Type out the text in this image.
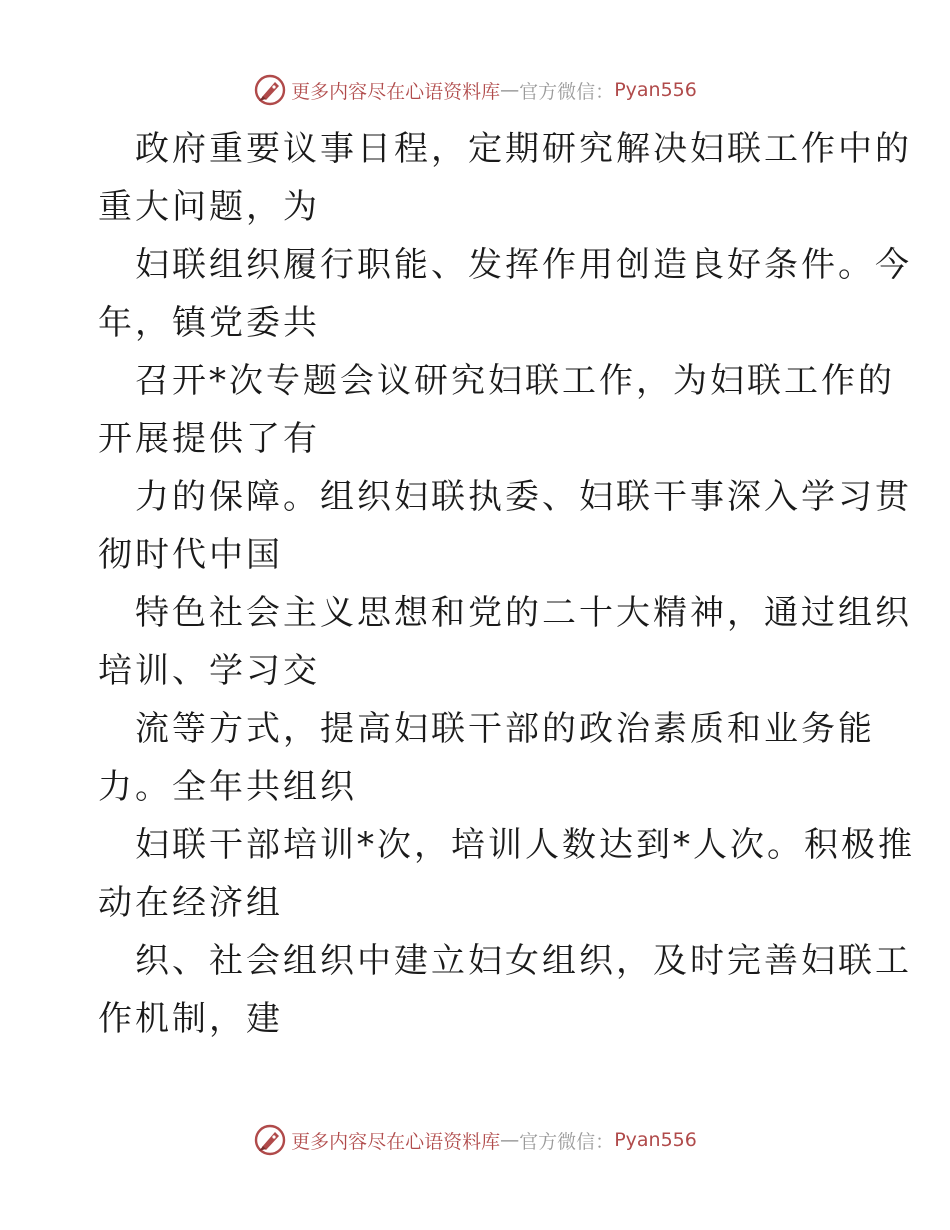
更多内容尽在心语资料库 — 官方微信： Pyan556
政府重要议事日程，定期研究解决妇联工作中的
重大问题，为
妇联组织履行职能、发挥作用创造良好条件。今
年，镇党委共
召开*次专题会议研究妇联工作，为妇联工作的
开展提供了有
力的保障。组织妇联执委、妇联干事深入学习贯
彻时代中国
特色社会主义思想和党的二十大精神，通过组织
培训、学习交
流等方式，提高妇联干部的政治素质和业务能
力。全年共组织
妇联干部培训*次，培训人数达到*人次。积极推
动在经济组
织、社会组织中建立妇女组织，及时完善妇联工
作机制，建
更多内容尽在心语资料库 — 官方微信： Pyan556
